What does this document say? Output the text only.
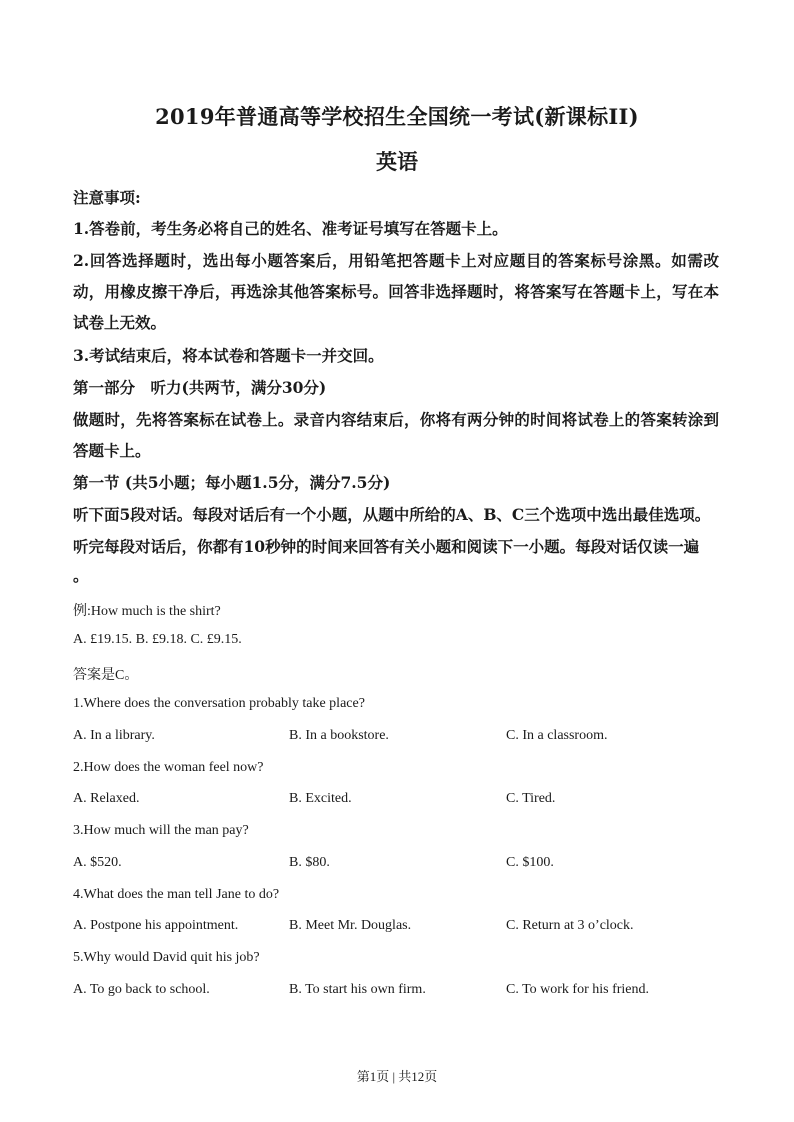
2019年普通高等学校招生全国统一考试(新课标II)
英语
注意事项:
1.答卷前，考生务必将自己的姓名、准考证号填写在答题卡上。
2.回答选择题时，选出每小题答案后，用铅笔把答题卡上对应题目的答案标号涂黑。如需改动，用橡皮擦干净后，再选涂其他答案标号。回答非选择题时，将答案写在答题卡上，写在本试卷上无效。
3.考试结束后，将本试卷和答题卡一并交回。
第一部分　听力(共两节，满分30分)
做题时，先将答案标在试卷上。录音内容结束后，你将有两分钟的时间将试卷上的答案转涂到答题卡上。
第一节 (共5小题；每小题1.5分，满分7.5分)
听下面5段对话。每段对话后有一个小题，从题中所给的A、B、C三个选项中选出最佳选项。
听完每段对话后，你都有10秒钟的时间来回答有关小题和阅读下一小题。每段对话仅读一遍
。
例:How much is the shirt?
A. £19.15. B. £9.18. C. £9.15.
答案是C。
1.Where does the conversation probably take place?
A. In a library.	B. In a bookstore.	C. In a classroom.
2.How does the woman feel now?
A. Relaxed.	B. Excited.	C. Tired.
3.How much will the man pay?
A. $520.	B. $80.	C. $100.
4.What does the man tell Jane to do?
A. Postpone his appointment.	B. Meet Mr. Douglas.	C. Return at 3 o’clock.
5.Why would David quit his job?
A. To go back to school.	B. To start his own firm.	C. To work for his friend.
第1页 | 共12页
